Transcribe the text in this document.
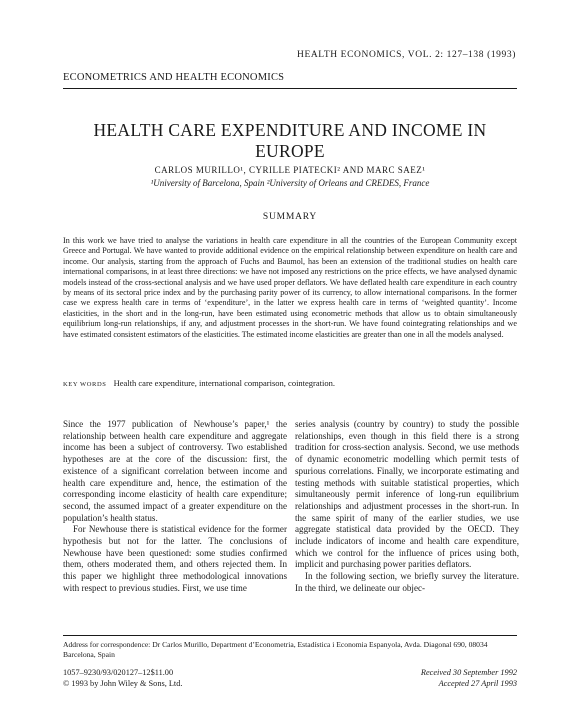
HEALTH ECONOMICS, VOL. 2: 127–138 (1993)
ECONOMETRICS AND HEALTH ECONOMICS
HEALTH CARE EXPENDITURE AND INCOME IN EUROPE
CARLOS MURILLO¹, CYRILLE PIATECKI² AND MARC SAEZ¹
¹University of Barcelona, Spain ²University of Orleans and CREDES, France
SUMMARY
In this work we have tried to analyse the variations in health care expenditure in all the countries of the European Community except Greece and Portugal. We have wanted to provide additional evidence on the empirical relationship between expenditure on health care and income. Our analysis, starting from the approach of Fuchs and Baumol, has been an extension of the traditional studies on health care international comparisons, in at least three directions: we have not imposed any restrictions on the price effects, we have analysed dynamic models instead of the cross-sectional analysis and we have used proper deflators. We have deflated health care expenditure in each country by means of its sectoral price index and by the purchasing parity power of its currency, to allow international comparisons. In the former case we express health care in terms of ‘expenditure’, in the latter we express health care in terms of ‘weighted quantity’. Income elasticities, in the short and in the long-run, have been estimated using econometric methods that allow us to obtain simultaneously equilibrium long-run relationships, if any, and adjustment processes in the short-run. We have found cointegrating relationships and we have estimated consistent estimators of the elasticities. The estimated income elasticities are greater than one in all the models analysed.
KEY WORDS Health care expenditure, international comparison, cointegration.

Since the 1977 publication of Newhouse’s paper,¹ the relationship between health care expenditure and aggregate income has been a subject of controversy. Two established hypotheses are at the core of the discussion: first, the existence of a significant correlation between income and health care expenditure and, hence, the estimation of the corresponding income elasticity of health care expenditure; second, the assumed impact of a greater expenditure on the population’s health status.

For Newhouse there is statistical evidence for the former hypothesis but not for the latter. The conclusions of Newhouse have been questioned: some studies confirmed them, others moderated them, and others rejected them. In this paper we highlight three methodological innovations with respect to previous studies. First, we use time

series analysis (country by country) to study the possible relationships, even though in this field there is a strong tradition for cross-section analysis. Second, we use methods of dynamic econometric modelling which permit tests of spurious correlations. Finally, we incorporate estimating and testing methods with suitable statistical properties, which simultaneously permit inference of long-run equilibrium relationships and adjustment processes in the short-run. In the same spirit of many of the earlier studies, we use aggregate statistical data provided by the OECD. They include indicators of income and health care expenditure, which we control for the influence of prices using both, implicit and purchasing power parities deflators.

In the following section, we briefly survey the literature. In the third, we delineate our objec-

Address for correspondence: Dr Carlos Murillo, Department d’Econometria, Estadística i Economia Espanyola, Avda. Diagonal 690, 08034 Barcelona, Spain
1057–9230/93/020127–12$11.00
© 1993 by John Wiley & Sons, Ltd.
Received 30 September 1992
Accepted 27 April 1993
